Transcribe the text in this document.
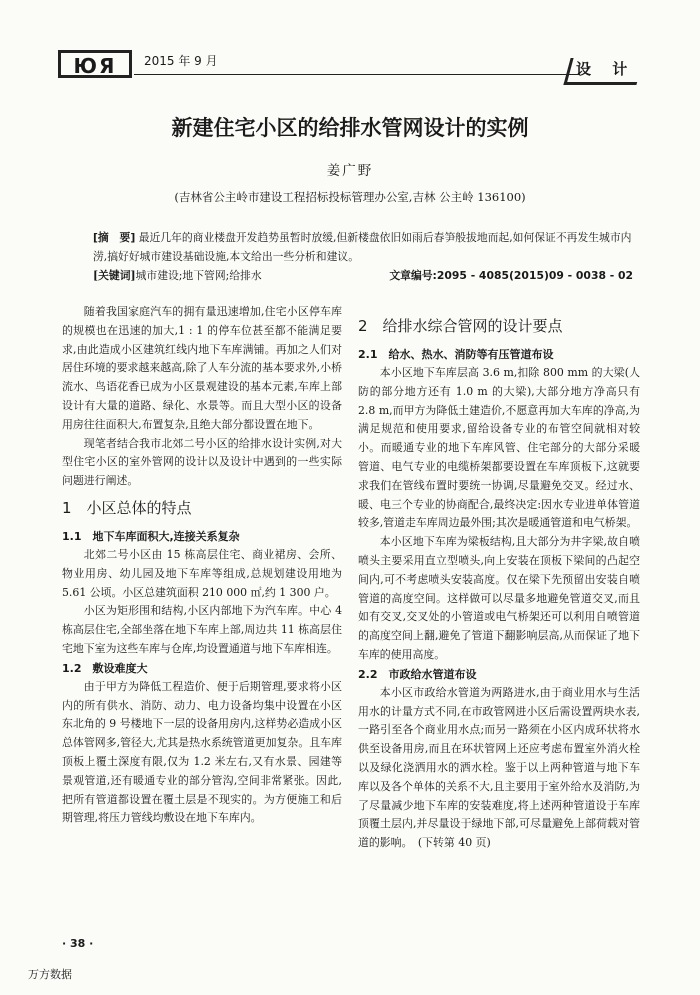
ЮЯ	2015 年 9 月	设 计
新建住宅小区的给排水管网设计的实例
姜广野
(吉林省公主岭市建设工程招标投标管理办公室,吉林 公主岭 136100)
[摘　要] 最近几年的商业楼盘开发趋势虽暂时放缓,但新楼盘依旧如雨后春笋般拔地而起,如何保证不再发生城市内涝,搞好好城市建设基础设施,本文给出一些分析和建议。
[关键词]城市建设;地下管网;给排水	文章编号:2095 - 4085(2015)09 - 0038 - 02

随着我国家庭汽车的拥有量迅速增加,住宅小区停车库的规模也在迅速的加大,1 : 1 的停车位甚至都不能满足要求,由此造成小区建筑红线内地下车库满铺。再加之人们对居住环境的要求越来越高,除了人车分流的基本要求外,小桥流水、鸟语花香已成为小区景观建设的基本元素,车库上部设计有大量的道路、绿化、水景等。而且大型小区的设备用房往往面积大,布置复杂,且绝大部分都设置在地下。

现笔者结合我市北郊二号小区的给排水设计实例,对大型住宅小区的室外管网的设计以及设计中遇到的一些实际问题进行阐述。

1　小区总体的特点
1.1　地下车库面积大,连接关系复杂

北郊二号小区由 15 栋高层住宅、商业裙房、会所、物业用房、幼儿园及地下车库等组成,总规划建设用地为 5.61 公顷。小区总建筑面积 210 000 ㎡,约 1 300 户。

小区为矩形围和结构,小区内部地下为汽车库。中心 4 栋高层住宅,全部坐落在地下车库上部,周边共 11 栋高层住宅地下室为这些车库与仓库,均设置通道与地下车库相连。

1.2　敷设难度大

由于甲方为降低工程造价、便于后期管理,要求将小区内的所有供水、消防、动力、电力设备均集中设置在小区东北角的 9 号楼地下一层的设备用房内,这样势必造成小区总体管网多,管径大,尤其是热水系统管道更加复杂。且车库顶板上覆土深度有限,仅为 1.2 米左右,又有水景、园建等景观管道,还有暖通专业的部分管沟,空间非常紧张。因此,把所有管道都设置在覆土层是不现实的。为方便施工和后期管理,将压力管线均敷设在地下车库内。

2　给排水综合管网的设计要点
2.1　给水、热水、消防等有压管道布设

本小区地下车库层高 3.6 m,扣除 800 mm 的大梁(人防的部分地方还有 1.0 m 的大梁),大部分地方净高只有 2.8 m,而甲方为降低土建造价,不愿意再加大车库的净高,为满足规范和使用要求,留给设备专业的布管空间就相对较小。而暖通专业的地下车库风管、住宅部分的大部分采暖管道、电气专业的电缆桥架都要设置在车库顶板下,这就要求我们在管线布置时要统一协调,尽量避免交叉。经过水、暖、电三个专业的协商配合,最终决定:因水专业进单体管道较多,管道走车库周边最外围;其次是暖通管道和电气桥架。

本小区地下车库为梁板结构,且大部分为井字梁,故自喷喷头主要采用直立型喷头,向上安装在顶板下梁间的凸起空间内,可不考虑喷头安装高度。仅在梁下先预留出安装自喷管道的高度空间。这样做可以尽量多地避免管道交叉,而且如有交叉,交叉处的小管道或电气桥架还可以利用自喷管道的高度空间上翻,避免了管道下翻影响层高,从而保证了地下车库的使用高度。

2.2　市政给水管道布设

本小区市政给水管道为两路进水,由于商业用水与生活用水的计量方式不同,在市政管网进小区后需设置两块水表,一路引至各个商业用水点;而另一路须在小区内成环状将水供至设备用房,而且在环状管网上还应考虑布置室外消火栓以及绿化浇洒用水的洒水栓。鉴于以上两种管道与地下车库以及各个单体的关系不大,且主要用于室外给水及消防,为了尽量减少地下车库的安装难度,将上述两种管道设于车库顶覆土层内,并尽量设于绿地下部,可尽量避免上部荷载对管道的影响。　(下转第 40 页)

· 38 ·
万方数据
